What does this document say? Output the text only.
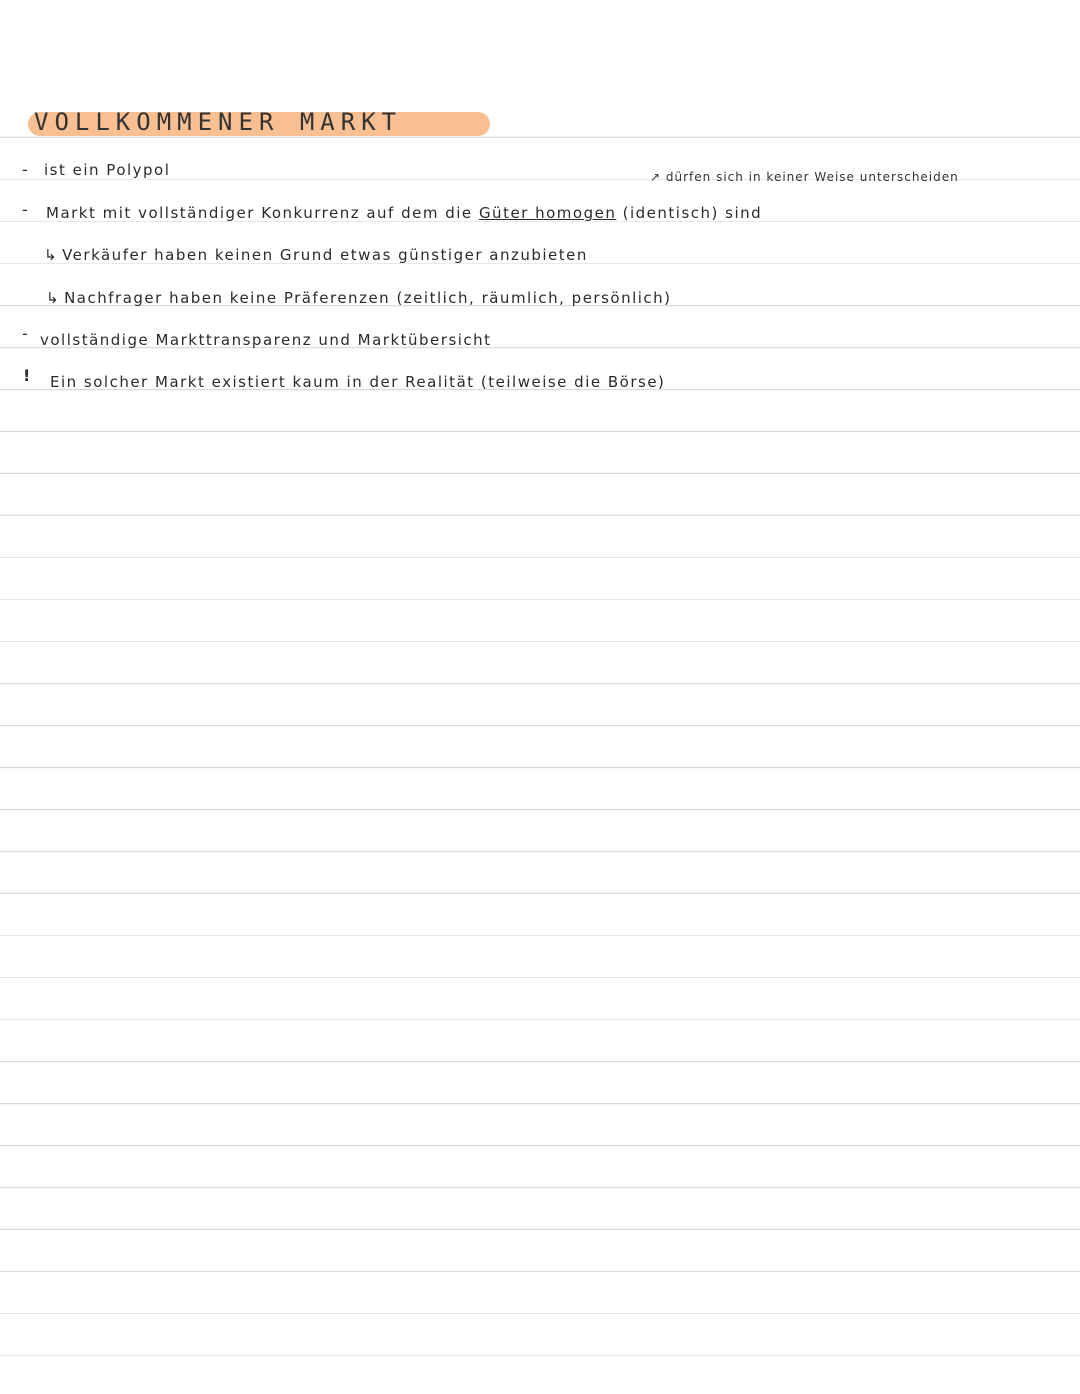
VOLLKOMMENER MARKT
- ist ein Polypol	↗ dürfen sich in keiner Weise unterscheiden
- Markt mit vollständiger Konkurrenz auf dem die Güter homogen (identisch) sind
↳ Verkäufer haben keinen Grund etwas günstiger anzubieten
↳ Nachfrager haben keine Präferenzen (zeitlich, räumlich, persönlich)
- vollständige Markttransparenz und Marktübersicht
! Ein solcher Markt existiert kaum in der Realität (teilweise die Börse)
